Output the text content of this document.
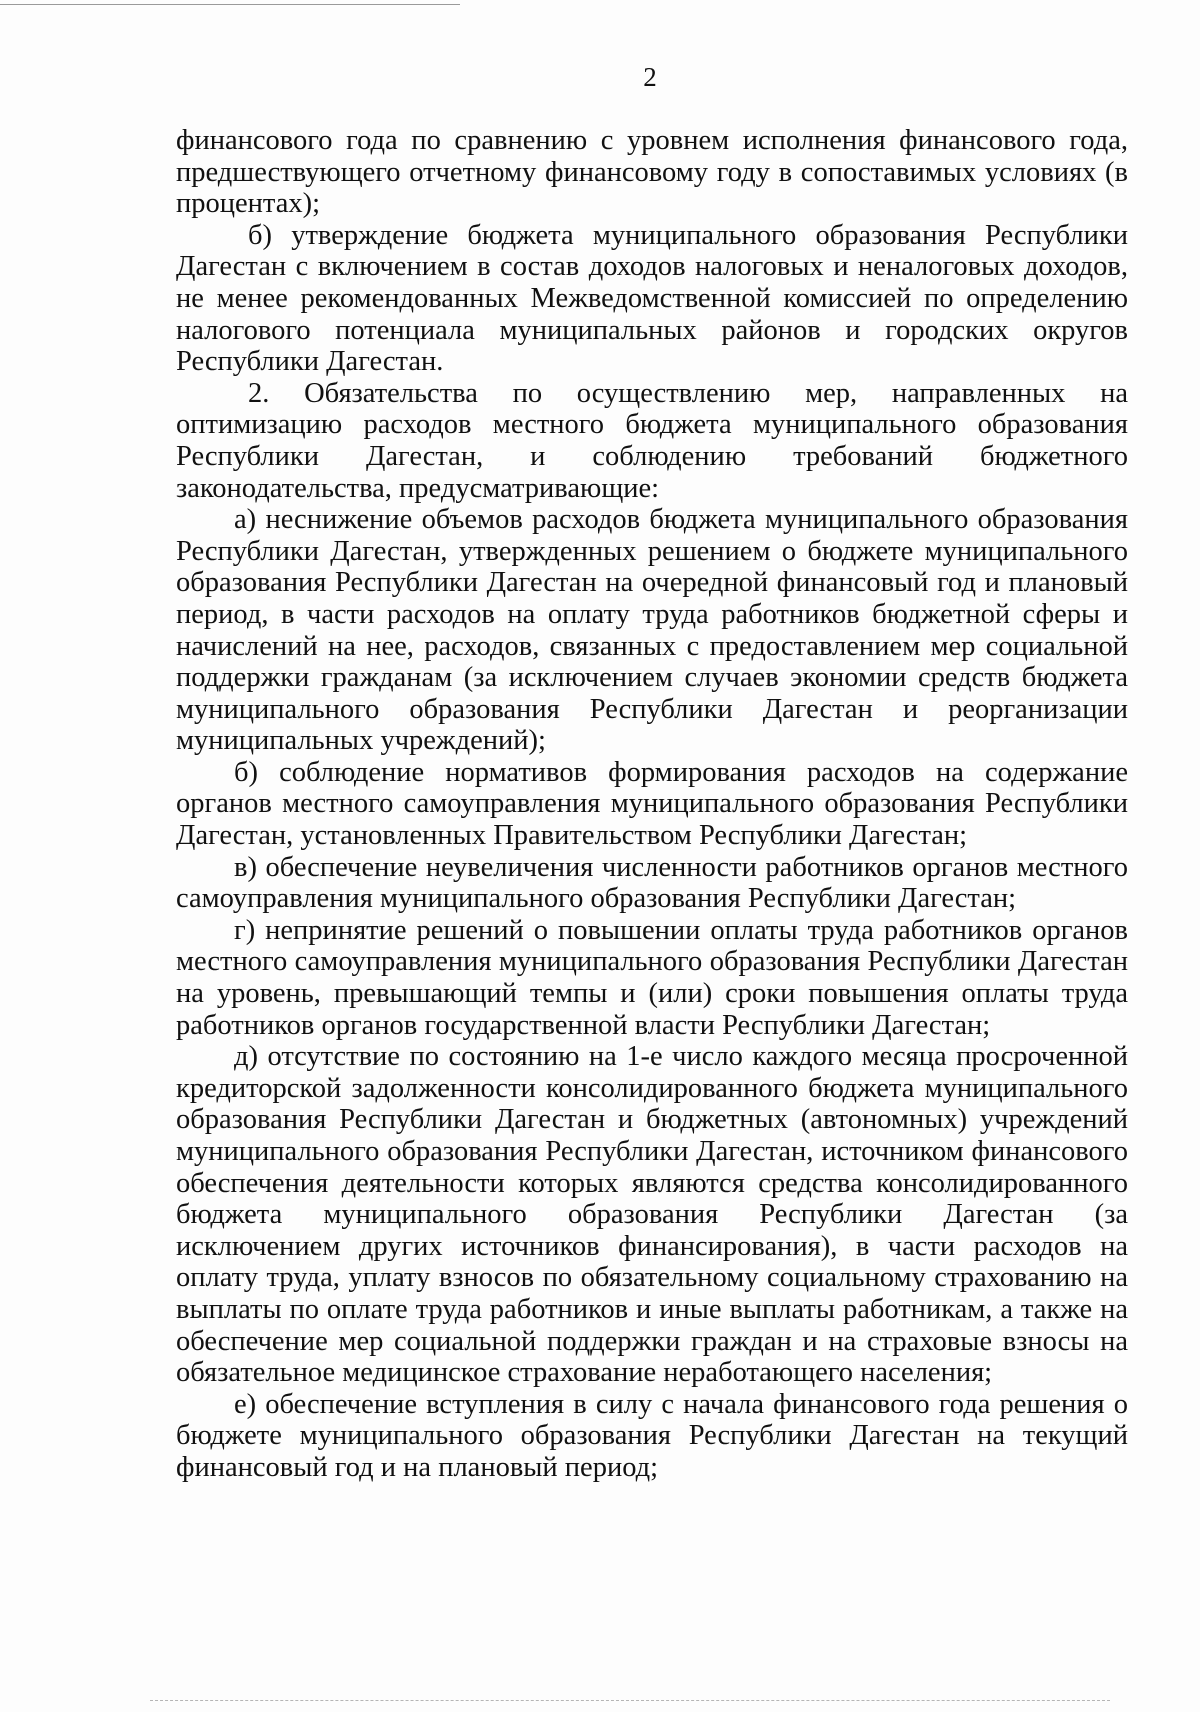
2

финансового года по сравнению с уровнем исполнения финансового года, предшествующего отчетному финансовому году в сопоставимых условиях (в процентах);

б) утверждение бюджета муниципального образования Республики Дагестан с включением в состав доходов налоговых и неналоговых доходов, не менее рекомендованных Межведомственной комиссией по определению налогового потенциала муниципальных районов и городских округов Республики Дагестан.

2. Обязательства по осуществлению мер, направленных на оптимизацию расходов местного бюджета муниципального образования Республики Дагестан, и соблюдению требований бюджетного законодательства, предусматривающие:

а) неснижение объемов расходов бюджета муниципального образования Республики Дагестан, утвержденных решением о бюджете муниципального образования Республики Дагестан на очередной финансовый год и плановый период, в части расходов на оплату труда работников бюджетной сферы и начислений на нее, расходов, связанных с предоставлением мер социальной поддержки гражданам (за исключением случаев экономии средств бюджета муниципального образования Республики Дагестан и реорганизации муниципальных учреждений);

б) соблюдение нормативов формирования расходов на содержание органов местного самоуправления муниципального образования Республики Дагестан, установленных Правительством Республики Дагестан;

в) обеспечение неувеличения численности работников органов местного самоуправления муниципального образования Республики Дагестан;

г) непринятие решений о повышении оплаты труда работников органов местного самоуправления муниципального образования Республики Дагестан на уровень, превышающий темпы и (или) сроки повышения оплаты труда работников органов государственной власти Республики Дагестан;

д) отсутствие по состоянию на 1-е число каждого месяца просроченной кредиторской задолженности консолидированного бюджета муниципального образования Республики Дагестан и бюджетных (автономных) учреждений муниципального образования Республики Дагестан, источником финансового обеспечения деятельности которых являются средства консолидированного бюджета муниципального образования Республики Дагестан (за исключением других источников финансирования), в части расходов на оплату труда, уплату взносов по обязательному социальному страхованию на выплаты по оплате труда работников и иные выплаты работникам, а также на обеспечение мер социальной поддержки граждан и на страховые взносы на обязательное медицинское страхование неработающего населения;

е) обеспечение вступления в силу с начала финансового года решения о бюджете муниципального образования Республики Дагестан на текущий финансовый год и на плановый период;
